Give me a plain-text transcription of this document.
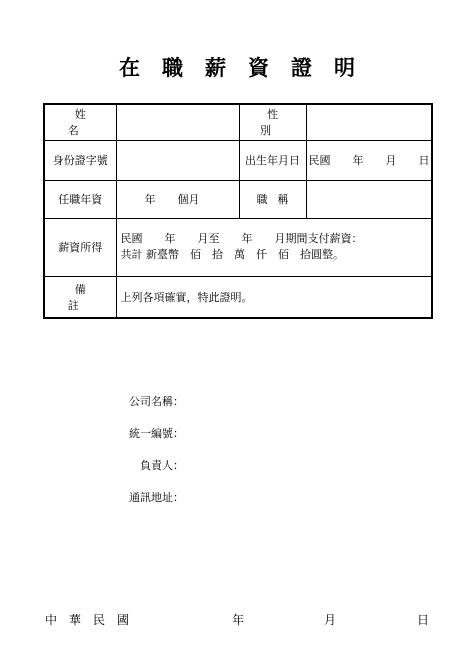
在職薪資證明
姓名		性別	
身份證字號		出生年月日	民國　　年　　月　　日
任職年資	年　　個月	職稱	
薪資所得	民國　　年　　月至　　年　　月期間支付薪資：
共計 新臺幣　佰　拾　萬　仟　佰　拾圓整。		

備註	上列各項確實，特此證明。		
公司名稱：
統一編號：
負責人：
通訊地址：
中　華　民　國	年	月	日
